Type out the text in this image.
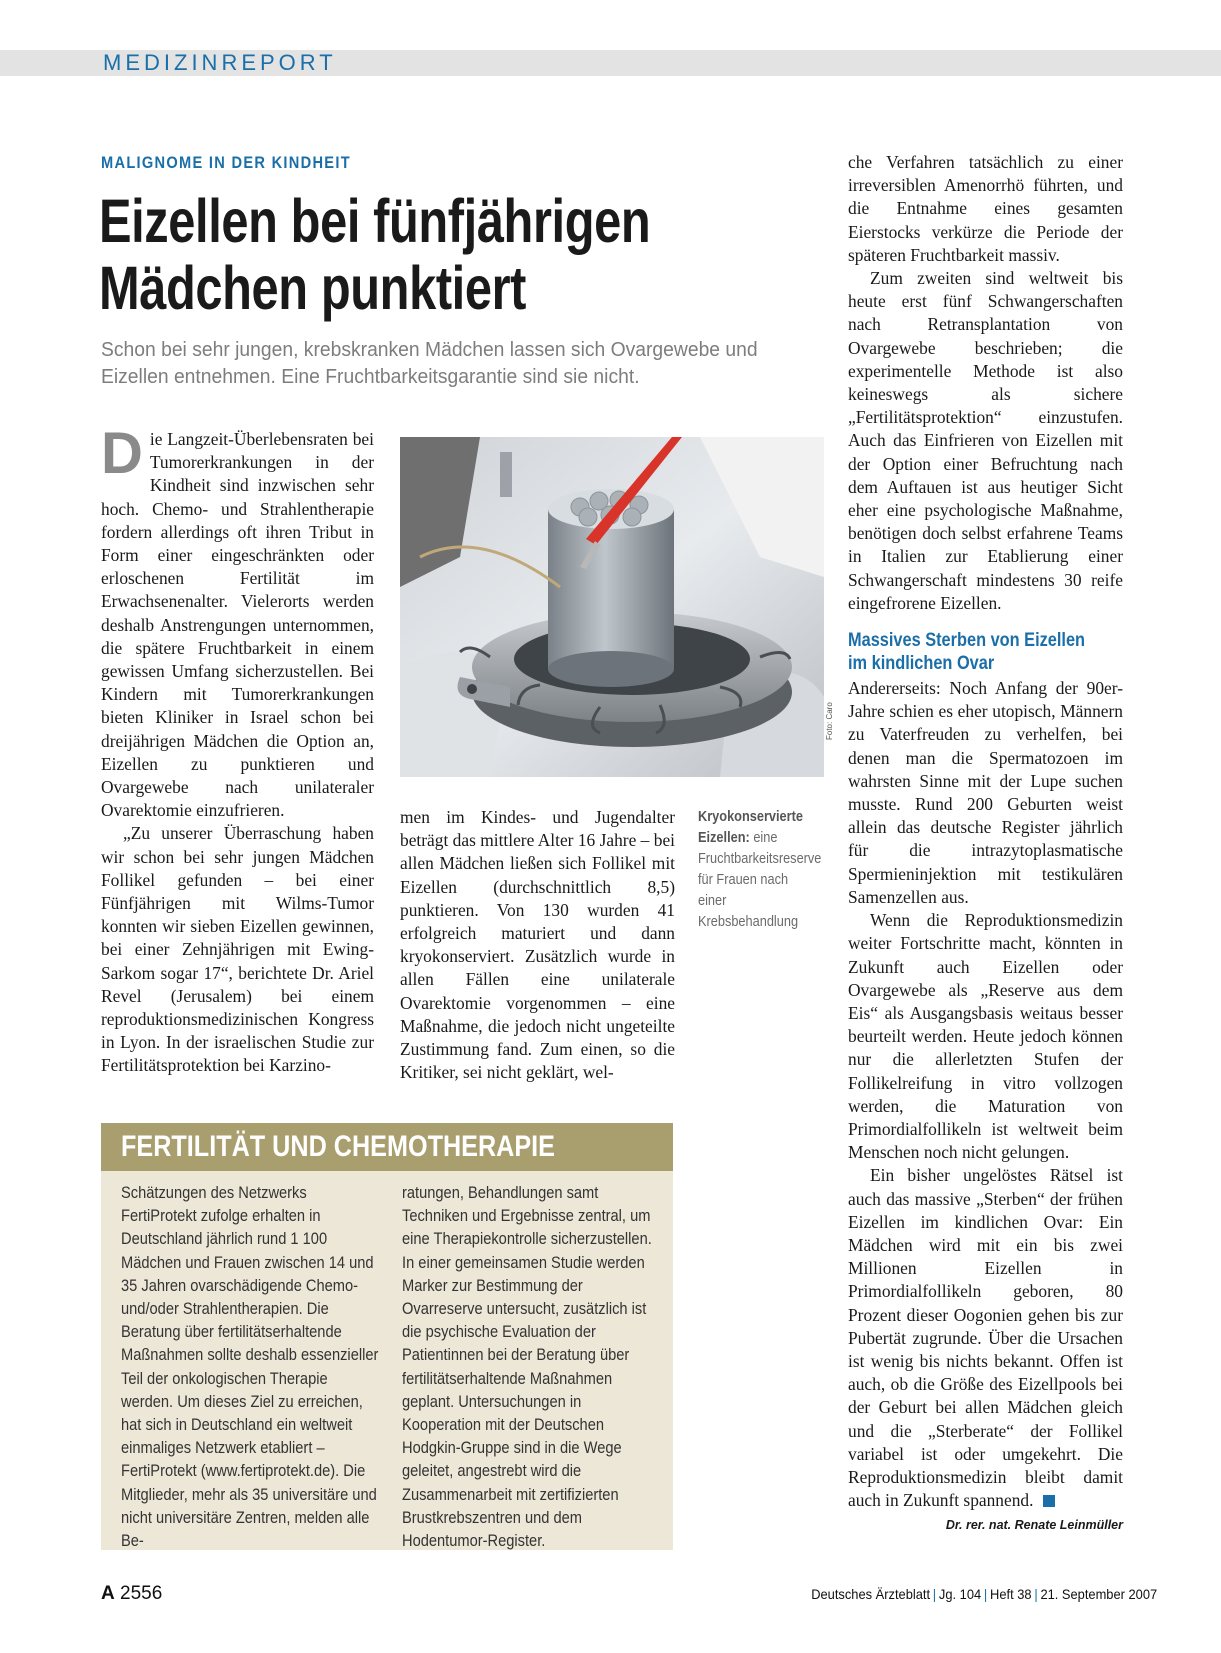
MEDIZINREPORT
MALIGNOME IN DER KINDHEIT
Eizellen bei fünfjährigen
Mädchen punktiert
Schon bei sehr jungen, krebskranken Mädchen lassen sich Ovargewebe und Eizellen entnehmen. Eine Fruchtbarkeitsgarantie sind sie nicht.

Die Langzeit-Überlebensraten bei Tumorerkrankungen in der Kindheit sind inzwischen sehr hoch. Chemo- und Strahlentherapie fordern allerdings oft ihren Tribut in Form einer eingeschränkten oder erloschenen Fertilität im Erwachsenenalter. Vielerorts werden deshalb Anstrengungen unternommen, die spätere Fruchtbarkeit in einem gewissen Umfang sicherzustellen. Bei Kindern mit Tumorerkrankungen bieten Kliniker in Israel schon bei dreijährigen Mädchen die Option an, Eizellen zu punktieren und Ovargewebe nach unilateraler Ovarektomie einzufrieren.

„Zu unserer Überraschung haben wir schon bei sehr jungen Mädchen Follikel gefunden – bei einer Fünfjährigen mit Wilms-Tumor konnten wir sieben Eizellen gewinnen, bei einer Zehnjährigen mit Ewing-Sarkom sogar 17“, berichtete Dr. Ariel Revel (Jerusalem) bei einem reproduktionsmedizinischen Kongress in Lyon. In der israelischen Studie zur Fertilitätsprotektion bei Karzino-

Foto: Caro
Kryokonservierte Eizellen: eine Fruchtbarkeitsreserve für Frauen nach einer Krebsbehandlung

men im Kindes- und Jugendalter beträgt das mittlere Alter 16 Jahre – bei allen Mädchen ließen sich Follikel mit Eizellen (durchschnittlich 8,5) punktieren. Von 130 wurden 41 erfolgreich maturiert und dann kryokonserviert. Zusätzlich wurde in allen Fällen eine unilaterale Ovarektomie vorgenommen – eine Maßnahme, die jedoch nicht ungeteilte Zustimmung fand. Zum einen, so die Kritiker, sei nicht geklärt, wel-

che Verfahren tatsächlich zu einer irreversiblen Amenorrhö führten, und die Entnahme eines gesamten Eierstocks verkürze die Periode der späteren Fruchtbarkeit massiv.

Zum zweiten sind weltweit bis heute erst fünf Schwangerschaften nach Retransplantation von Ovargewebe beschrieben; die experimentelle Methode ist also keineswegs als sichere „Fertilitätsprotektion“ einzustufen. Auch das Einfrieren von Eizellen mit der Option einer Befruchtung nach dem Auftauen ist aus heutiger Sicht eher eine psychologische Maßnahme, benötigen doch selbst erfahrene Teams in Italien zur Etablierung einer Schwangerschaft mindestens 30 reife eingefrorene Eizellen.

Massives Sterben von Eizellen
im kindlichen Ovar

Andererseits: Noch Anfang der 90er-Jahre schien es eher utopisch, Männern zu Vaterfreuden zu verhelfen, bei denen man die Spermatozoen im wahrsten Sinne mit der Lupe suchen musste. Rund 200 Geburten weist allein das deutsche Register jährlich für die intrazytoplasmatische Spermieninjektion mit testikulären Samenzellen aus.

Wenn die Reproduktionsmedizin weiter Fortschritte macht, könnten in Zukunft auch Eizellen oder Ovargewebe als „Reserve aus dem Eis“ als Ausgangsbasis weitaus besser beurteilt werden. Heute jedoch können nur die allerletzten Stufen der Follikelreifung in vitro vollzogen werden, die Maturation von Primordialfollikeln ist weltweit beim Menschen noch nicht gelungen.

Ein bisher ungelöstes Rätsel ist auch das massive „Sterben“ der frühen Eizellen im kindlichen Ovar: Ein Mädchen wird mit ein bis zwei Millionen Eizellen in Primordialfollikeln geboren, 80 Prozent dieser Oogonien gehen bis zur Pubertät zugrunde. Über die Ursachen ist wenig bis nichts bekannt. Offen ist auch, ob die Größe des Eizellpools bei der Geburt bei allen Mädchen gleich und die „Sterberate“ der Follikel variabel ist oder umgekehrt. Die Reproduktionsmedizin bleibt damit auch in Zukunft spannend.

Dr. rer. nat. Renate Leinmüller
FERTILITÄT UND CHEMOTHERAPIE
Schätzungen des Netzwerks FertiProtekt zufolge erhalten in Deutschland jährlich rund 1 100 Mädchen und Frauen zwischen 14 und 35 Jahren ovarschädigende Chemo- und/oder Strahlentherapien. Die Beratung über fertilitätserhaltende Maßnahmen sollte deshalb essenzieller Teil der onkologischen Therapie werden. Um dieses Ziel zu erreichen, hat sich in Deutschland ein weltweit einmaliges Netzwerk etabliert – FertiProtekt (www.fertiprotekt.de). Die Mitglieder, mehr als 35 universitäre und nicht universitäre Zentren, melden alle Be-
ratungen, Behandlungen samt Techniken und Ergebnisse zentral, um eine Therapiekontrolle sicherzustellen. In einer gemeinsamen Studie werden Marker zur Bestimmung der Ovarreserve untersucht, zusätzlich ist die psychische Evaluation der Patientinnen bei der Beratung über fertilitätserhaltende Maßnahmen geplant. Untersuchungen in Kooperation mit der Deutschen Hodgkin-Gruppe sind in die Wege geleitet, angestrebt wird die Zusammenarbeit mit zertifizierten Brustkrebszentren und dem Hodentumor-Register.
A 2556	Deutsches Ärzteblatt | Jg. 104 | Heft 38 | 21. September 2007
